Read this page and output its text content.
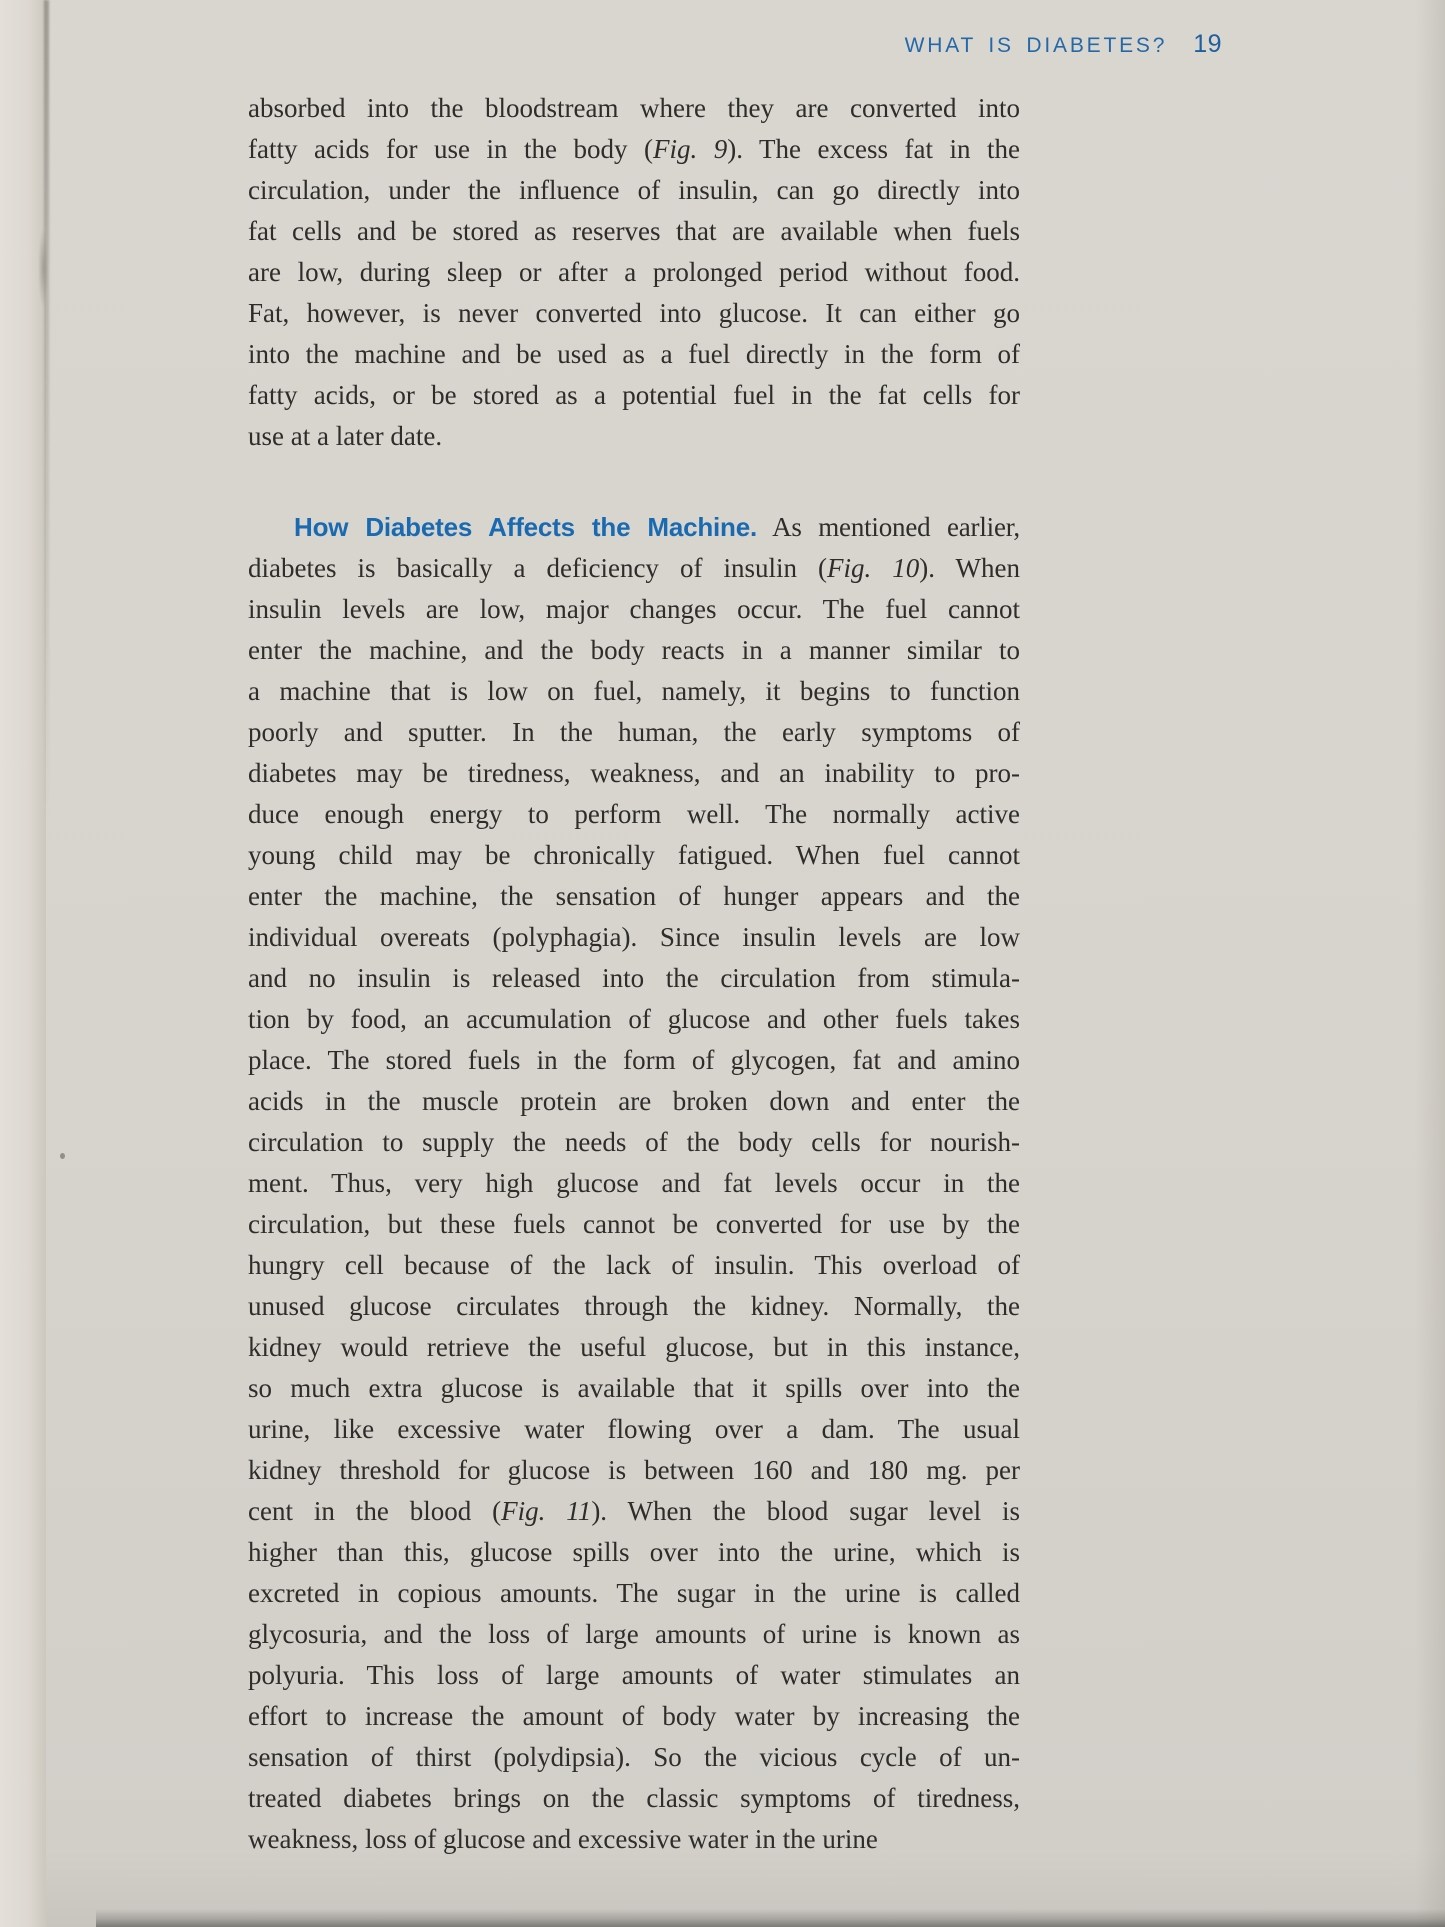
WHAT IS DIABETES? 19
absorbed into the bloodstream where they are converted into
fatty acids for use in the body (Fig. 9). The excess fat in the
circulation, under the influence of insulin, can go directly into
fat cells and be stored as reserves that are available when fuels
are low, during sleep or after a prolonged period without food.
Fat, however, is never converted into glucose. It can either go
into the machine and be used as a fuel directly in the form of
fatty acids, or be stored as a potential fuel in the fat cells for
use at a later date.
How Diabetes Affects the Machine. As mentioned earlier,
diabetes is basically a deficiency of insulin (Fig. 10). When
insulin levels are low, major changes occur. The fuel cannot
enter the machine, and the body reacts in a manner similar to
a machine that is low on fuel, namely, it begins to function
poorly and sputter. In the human, the early symptoms of
diabetes may be tiredness, weakness, and an inability to pro-
duce enough energy to perform well. The normally active
young child may be chronically fatigued. When fuel cannot
enter the machine, the sensation of hunger appears and the
individual overeats (polyphagia). Since insulin levels are low
and no insulin is released into the circulation from stimula-
tion by food, an accumulation of glucose and other fuels takes
place. The stored fuels in the form of glycogen, fat and amino
acids in the muscle protein are broken down and enter the
circulation to supply the needs of the body cells for nourish-
ment. Thus, very high glucose and fat levels occur in the
circulation, but these fuels cannot be converted for use by the
hungry cell because of the lack of insulin. This overload of
unused glucose circulates through the kidney. Normally, the
kidney would retrieve the useful glucose, but in this instance,
so much extra glucose is available that it spills over into the
urine, like excessive water flowing over a dam. The usual
kidney threshold for glucose is between 160 and 180 mg. per
cent in the blood (Fig. 11). When the blood sugar level is
higher than this, glucose spills over into the urine, which is
excreted in copious amounts. The sugar in the urine is called
glycosuria, and the loss of large amounts of urine is known as
polyuria. This loss of large amounts of water stimulates an
effort to increase the amount of body water by increasing the
sensation of thirst (polydipsia). So the vicious cycle of un-
treated diabetes brings on the classic symptoms of tiredness,
weakness, loss of glucose and excessive water in the urine
